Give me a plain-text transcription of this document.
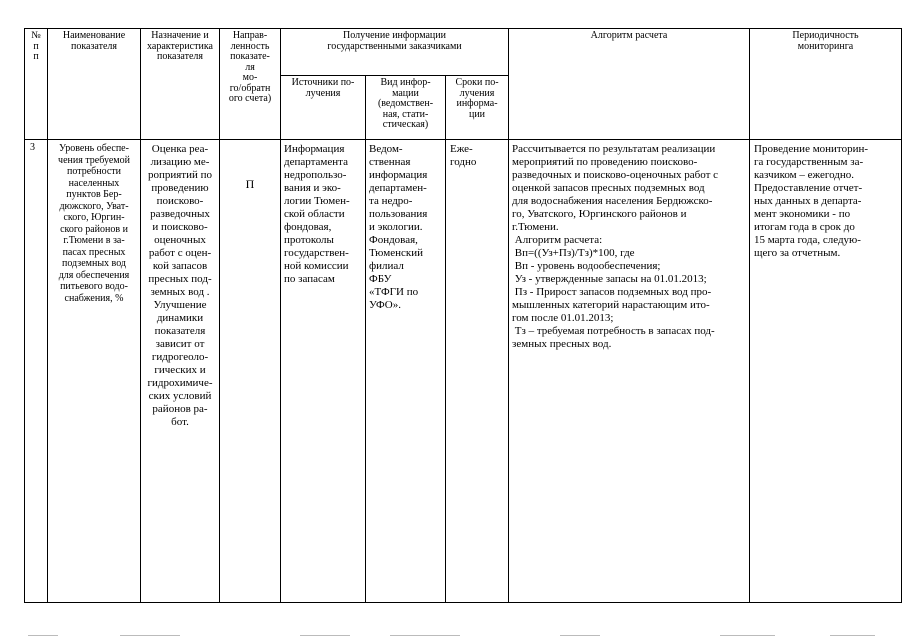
№
п
п
Наименование
показателя
Назначение и
характеристика
показателя
Направ-
ленность
показате-
ля
мо-
го/обратн
ого счета)
Получение информации
государственными заказчиками
Источники по-
лучения
Вид инфор-
мации
(ведомствен-
ная, стати-
стическая)
Сроки по-
лучения
информа-
ции
Алгоритм расчета	Периодичность
мониторинга
3	Уровень обеспе-
чения требуемой
потребности
населенных
пунктов Бер-
дюжского, Уват-
ского, Юргин-
ского районов и
г.Тюмени в за-
пасах пресных
подземных вод
для обеспечения
питьевого водо-
снабжения, %
Оценка реа-
лизацию ме-
роприятий по
проведению
поисково-
разведочных
и поисково-
оценочных
работ с оцен-
кой запасов
пресных под-
земных вод .
Улучшение
динамики
показателя
зависит от
гидрогеоло-
гических и
гидрохимиче-
ских условий
районов ра-
бот.
П
Информация
департамента
недропользо-
вания и эко-
логии Тюмен-
ской области
фондовая,
протоколы
государствен-
ной комиссии
по запасам
Ведом-
ственная
информация
департамен-
та недро-
пользования
и экологии.
Фондовая,
Тюменский
филиал
ФБУ
«ТФГИ по
УФО».
Еже-
годно
Рассчитывается по результатам реализации
мероприятий по проведению поисково-
разведочных и поисково-оценочных работ с
оценкой запасов пресных подземных вод
для водоснабжения населения Бердюжско-
го, Уватского, Юргинского районов и
г.Тюмени.
Алгоритм расчета:
Вп=((Уз+Пз)/Тз)*100, где
Вп - уровень водообеспечения;
Уз - утвержденные запасы на 01.01.2013;
Пз - Прирост запасов подземных вод про-
мышленных категорий нарастающим ито-
гом после 01.01.2013;
Тз – требуемая потребность в запасах под-
земных пресных вод.
Проведение мониторин-
га государственным за-
казчиком – ежегодно.
Предоставление отчет-
ных данных в департа-
мент экономики - по
итогам года в срок до
15 марта года, следую-
щего за отчетным.
